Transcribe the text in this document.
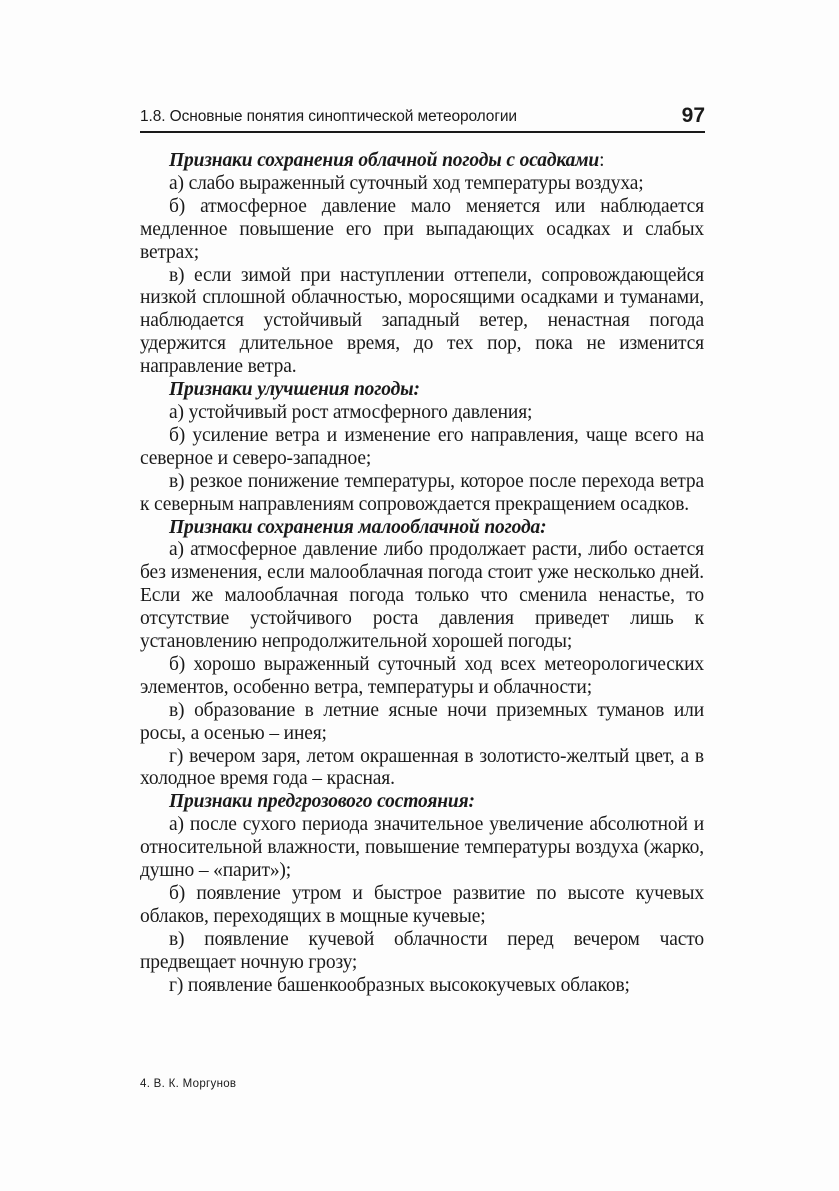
1.8. Основные понятия синоптической метеорологии	97

Признаки сохранения облачной погоды с осадками:

а) слабо выраженный суточный ход температуры воздуха;

б) атмосферное давление мало меняется или наблюдается медленное повышение его при выпадающих осадках и слабых ветрах;

в) если зимой при наступлении оттепели, сопровождающейся низкой сплошной облачностью, моросящими осадками и туманами, наблюдается устойчивый западный ветер, ненастная погода удержится длительное время, до тех пор, пока не изменится направление ветра.

Признаки улучшения погоды:

а) устойчивый рост атмосферного давления;

б) усиление ветра и изменение его направления, чаще всего на северное и северо-западное;

в) резкое понижение температуры, которое после перехода ветра к северным направлениям сопровождается прекращением осадков.

Признаки сохранения малооблачной погода:

а) атмосферное давление либо продолжает расти, либо остается без изменения, если малооблачная погода стоит уже несколько дней. Если же малооблачная погода только что сменила ненастье, то отсутствие устойчивого роста давления приведет лишь к установлению непродолжительной хорошей погоды;

б) хорошо выраженный суточный ход всех метеорологических элементов, особенно ветра, температуры и облачности;

в) образование в летние ясные ночи приземных туманов или росы, а осенью – инея;

г) вечером заря, летом окрашенная в золотисто-желтый цвет, а в холодное время года – красная.

Признаки предгрозового состояния:

а) после сухого периода значительное увеличение абсолютной и относительной влажности, повышение температуры воздуха (жарко, душно – «парит»);

б) появление утром и быстрое развитие по высоте кучевых облаков, переходящих в мощные кучевые;

в) появление кучевой облачности перед вечером часто предвещает ночную грозу;

г) появление башенкообразных высококучевых облаков;

4. В. К. Моргунов
